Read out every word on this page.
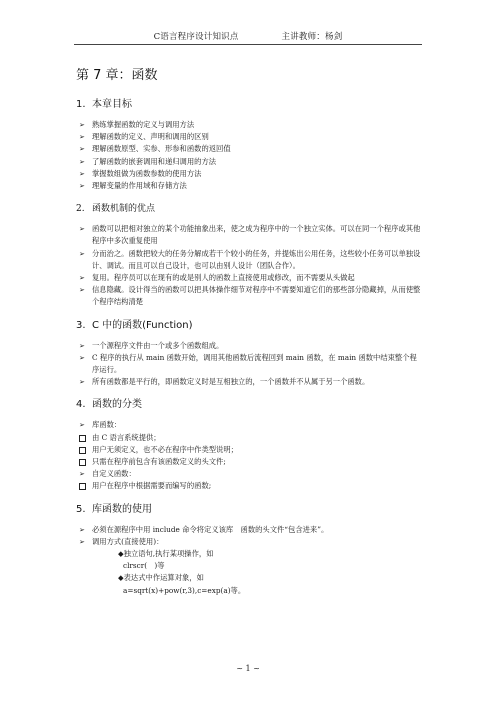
C语言程序设计知识点	主讲教师：杨剑
第 7 章：函数
1. 本章目标
➢ 熟练掌握函数的定义与调用方法
➢ 理解函数的定义、声明和调用的区别
➢ 理解函数原型、实参、形参和函数的返回值
➢ 了解函数的嵌套调用和递归调用的方法
➢ 掌握数组做为函数参数的使用方法
➢ 理解变量的作用域和存储方法
2. 函数机制的优点
➢ 函数可以把相对独立的某个功能抽象出来，使之成为程序中的一个独立实体。可以在同一个程序或其他程序中多次重复使用
➢ 分而治之。函数把较大的任务分解成若干个较小的任务，并提炼出公用任务，这些较小任务可以单独设计、调试。而且可以自己设计，也可以由别人设计（团队合作）。
➢ 复用。程序员可以在现有的或是别人的函数上直接使用或修改，而不需要从头做起
➢ 信息隐藏。设计得当的函数可以把具体操作细节对程序中不需要知道它们的那些部分隐藏掉，从而使整个程序结构清楚
3. C 中的函数(Function)
➢ 一个源程序文件由一个或多个函数组成。
➢ C 程序的执行从 main 函数开始，调用其他函数后流程回到 main 函数，在 main 函数中结束整个程序运行。
➢ 所有函数都是平行的，即函数定义时是互相独立的，一个函数并不从属于另一个函数。
4. 函数的分类
➢ 库函数：
由 C 语言系统提供；
用户无须定义，也不必在程序中作类型说明；
只需在程序前包含有该函数定义的头文件;
➢ 自定义函数：
用户在程序中根据需要而编写的函数;
5. 库函数的使用
➢ 必须在源程序中用 include 命令将定义该库　函数的头文件“包含进来”。
➢ 调用方式(直接使用)：
◆独立语句,执行某项操作，如
clrscr(　)等
◆表达式中作运算对象，如
a=sqrt(x)+pow(r,3),c=exp(a)等。
~ 1 ~
